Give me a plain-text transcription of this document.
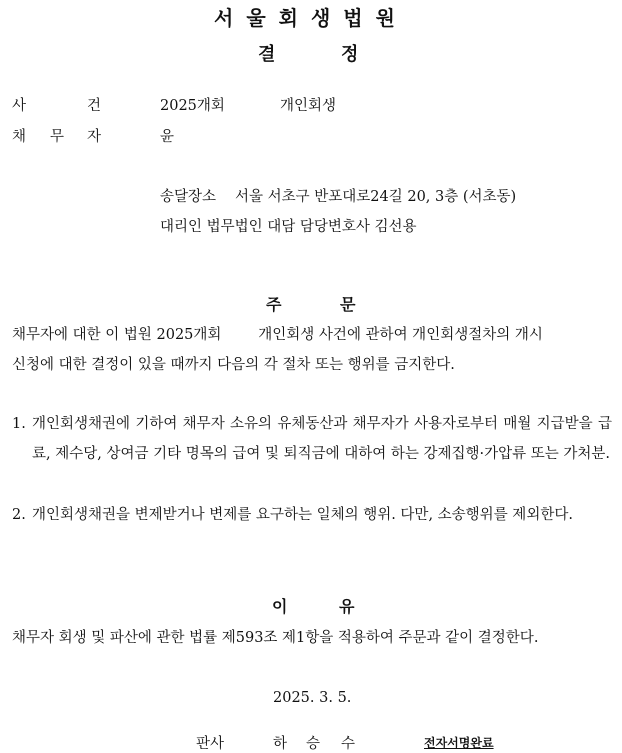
서울회생법원
결	정
사	건	2025개회	개인회생
채 무 자	윤
송달장소 서울 서초구 반포대로24길 20, 3층 (서초동)
대리인 법무법인 대담 담당변호사 김선용
주	문
채무자에 대한 이 법원 2025개회        개인회생 사건에 관하여 개인회생절차의 개시
신청에 대한 결정이 있을 때까지 다음의 각 절차 또는 행위를 금지한다.
1. 개인회생채권에 기하여 채무자 소유의 유체동산과 채무자가 사용자로부터 매월 지급받을 급료, 제수당, 상여금 기타 명목의 급여 및 퇴직금에 대하여 하는 강제집행·가압류 또는 가처분.
2. 개인회생채권을 변제받거나 변제를 요구하는 일체의 행위. 다만, 소송행위를 제외한다.
이	유
채무자 회생 및 파산에 관한 법률 제593조 제1항을 적용하여 주문과 같이 결정한다.
2025. 3. 5.
판사	하 승 수	전자서명완료
